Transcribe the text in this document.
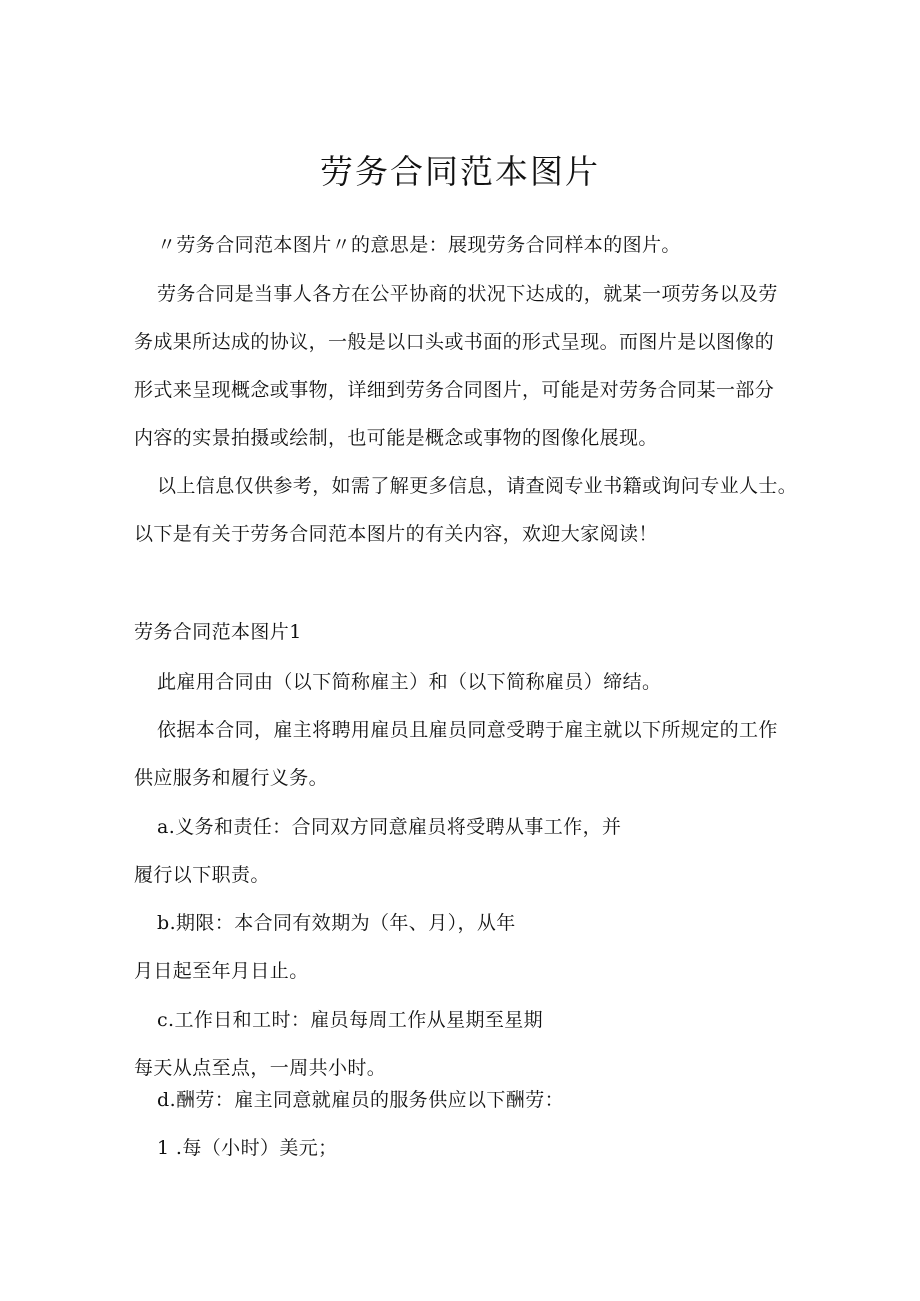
劳务合同范本图片
〃劳务合同范本图片〃的意思是：展现劳务合同样本的图片。
劳务合同是当事人各方在公平协商的状况下达成的，就某一项劳务以及劳
务成果所达成的协议，一般是以口头或书面的形式呈现。而图片是以图像的
形式来呈现概念或事物，详细到劳务合同图片，可能是对劳务合同某一部分
内容的实景拍摄或绘制，也可能是概念或事物的图像化展现。
以上信息仅供参考，如需了解更多信息，请查阅专业书籍或询问专业人士。
以下是有关于劳务合同范本图片的有关内容，欢迎大家阅读！
劳务合同范本图片1
此雇用合同由（以下简称雇主）和（以下简称雇员）缔结。
依据本合同，雇主将聘用雇员且雇员同意受聘于雇主就以下所规定的工作
供应服务和履行义务。
a.义务和责任：合同双方同意雇员将受聘从事工作，并
履行以下职责。
b.期限：本合同有效期为（年、月），从年
月日起至年月日止。
c.工作日和工时：雇员每周工作从星期至星期
每天从点至点，一周共小时。
d.酬劳：雇主同意就雇员的服务供应以下酬劳：
1 .每（小时）美元；
